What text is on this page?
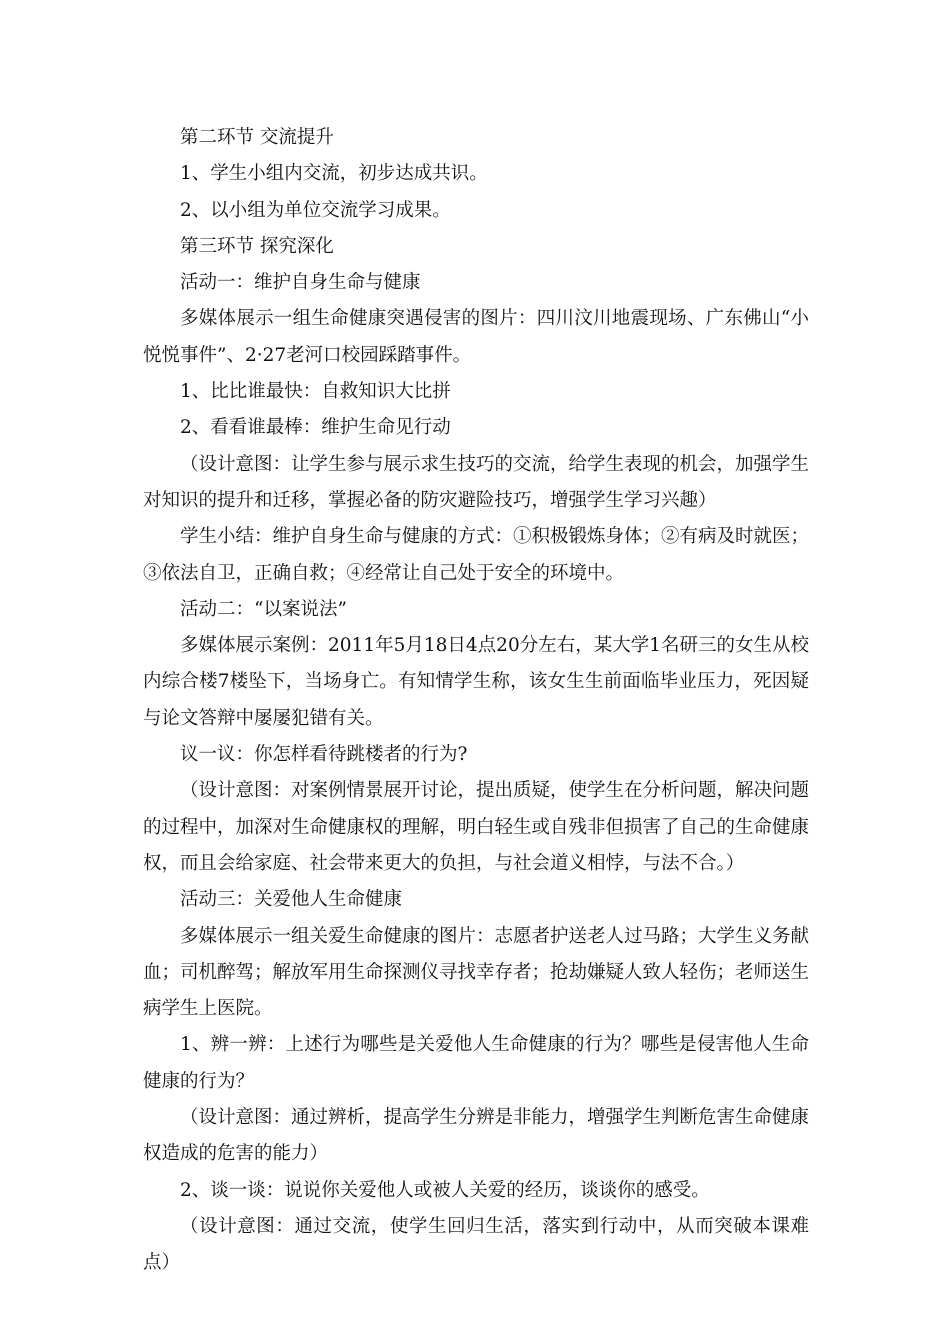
第二环节 交流提升

1、学生小组内交流，初步达成共识。

2、以小组为单位交流学习成果。

第三环节 探究深化

活动一：维护自身生命与健康

多媒体展示一组生命健康突遇侵害的图片：四川汶川地震现场、广东佛山“小悦悦事件”、2·27老河口校园踩踏事件。

1、比比谁最快：自救知识大比拼

2、看看谁最棒：维护生命见行动

（设计意图：让学生参与展示求生技巧的交流，给学生表现的机会，加强学生对知识的提升和迁移，掌握必备的防灾避险技巧，增强学生学习兴趣）

学生小结：维护自身生命与健康的方式：①积极锻炼身体；②有病及时就医；③依法自卫，正确自救；④经常让自己处于安全的环境中。

活动二：“以案说法”

多媒体展示案例：2011年5月18日4点20分左右，某大学1名研三的女生从校内综合楼7楼坠下，当场身亡。有知情学生称，该女生生前面临毕业压力，死因疑与论文答辩中屡屡犯错有关。

议一议：你怎样看待跳楼者的行为?

（设计意图：对案例情景展开讨论，提出质疑，使学生在分析问题，解决问题的过程中，加深对生命健康权的理解，明白轻生或自残非但损害了自己的生命健康权，而且会给家庭、社会带来更大的负担，与社会道义相悖，与法不合。）

活动三：关爱他人生命健康

多媒体展示一组关爱生命健康的图片：志愿者护送老人过马路；大学生义务献血；司机醉驾；解放军用生命探测仪寻找幸存者；抢劫嫌疑人致人轻伤；老师送生病学生上医院。

1、辨一辨：上述行为哪些是关爱他人生命健康的行为？哪些是侵害他人生命健康的行为？

（设计意图：通过辨析，提高学生分辨是非能力，增强学生判断危害生命健康权造成的危害的能力）

2、谈一谈：说说你关爱他人或被人关爱的经历，谈谈你的感受。

（设计意图：通过交流，使学生回归生活，落实到行动中，从而突破本课难点）
